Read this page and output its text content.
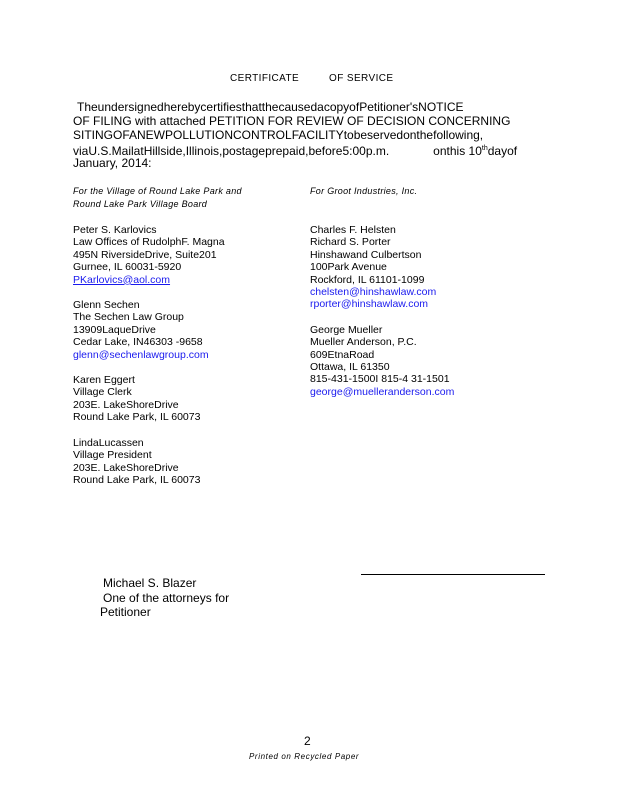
CERTIFICATE	OF SERVICE
TheundersignedherebycertifiesthatthecausedacopyofPetitioner'sNOTICE
OF FILING with attached PETITION FOR REVIEW OF DECISION CONCERNING
SITINGOFANEWPOLLUTIONCONTROLFACILITYtobeservedonthefollowing,
viaU.S.MailatHillside,Illinois,postageprepaid,before5:00p.m.	onthis 10thdayof
January, 2014:
For the Village of Round Lake Park and
Round Lake Park Village Board
Peter S. Karlovics
Law Offices of RudolphF. Magna
495N RiversideDrive, Suite201
Gurnee, IL 60031-5920
PKarlovics@aol.com
Glenn Sechen
The Sechen Law Group
13909LaqueDrive
Cedar Lake, IN46303 -9658
glenn@sechenlawgroup.com
Karen Eggert
Village Clerk
203E. LakeShoreDrive
Round Lake Park, IL 60073
LindaLucassen
Village President
203E. LakeShoreDrive
Round Lake Park, IL 60073
For Groot Industries, Inc.
Charles F. Helsten
Richard S. Porter
Hinshawand Culbertson
100Park Avenue
Rockford, IL 61101-1099
chelsten@hinshawlaw.com
rporter@hinshawlaw.com
George Mueller
Mueller Anderson, P.C.
609EtnaRoad
Ottawa, IL 61350
815-431-1500I 815-4 31-1501
george@muelleranderson.com
Michael S. Blazer
One of the attorneys for
Petitioner
2
Printed on Recycled Paper
